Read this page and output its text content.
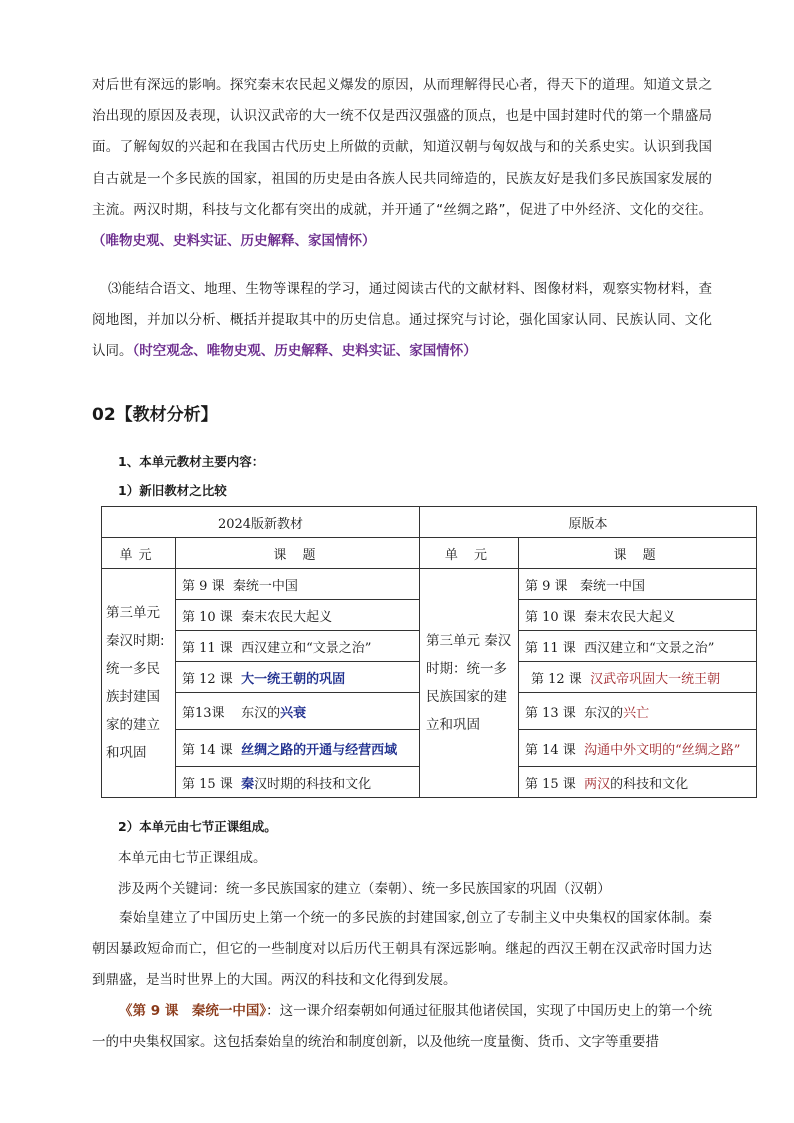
对后世有深远的影响。探究秦末农民起义爆发的原因，从而理解得民心者，得天下的道理。知道文景之治出现的原因及表现，认识汉武帝的大一统不仅是西汉强盛的顶点，也是中国封建时代的第一个鼎盛局面。了解匈奴的兴起和在我国古代历史上所做的贡献，知道汉朝与匈奴战与和的关系史实。认识到我国自古就是一个多民族的国家，祖国的历史是由各族人民共同缔造的，民族友好是我们多民族国家发展的主流。两汉时期，科技与文化都有突出的成就，并开通了“丝绸之路”，促进了中外经济、文化的交往。（唯物史观、史料实证、历史解释、家国情怀）

⑶能结合语文、地理、生物等课程的学习，通过阅读古代的文献材料、图像材料，观察实物材料，查阅地图，并加以分析、概括并提取其中的历史信息。通过探究与讨论，强化国家认同、民族认同、文化认同。（时空观念、唯物史观、历史解释、史料实证、家国情怀）

02【教材分析】

1、本单元教材主要内容：

1）新旧教材之比较

2024版新教材		原版本	
单元	课 题	单 元	课 题
第三单元秦汉时期:统一多民族封建国家的建立和巩固	第 9 课 秦统一中国	第三单元 秦汉时期：统一多民族国家的建立和巩固	第 9 课 秦统一中国
	第 10 课 秦末农民大起义		第 10 课 秦末农民大起义
	第 11 课 西汉建立和“文景之治”		第 11 课 西汉建立和“文景之治”
	第 12 课 大一统王朝的巩固		第 12 课 汉武帝巩固大一统王朝
	第13课 东汉的兴衰		第 13 课 东汉的兴亡
	第 14 课 丝绸之路的开通与经营西域		第 14 课 沟通中外文明的“丝绸之路”
	第 15 课 秦汉时期的科技和文化		第 15 课 两汉的科技和文化

2）本单元由七节正课组成。

本单元由七节正课组成。

涉及两个关键词：统一多民族国家的建立（秦朝）、统一多民族国家的巩固（汉朝）

秦始皇建立了中国历史上第一个统一的多民族的封建国家,创立了专制主义中央集权的国家体制。秦朝因暴政短命而亡，但它的一些制度对以后历代王朝具有深远影响。继起的西汉王朝在汉武帝时国力达到鼎盛，是当时世界上的大国。两汉的科技和文化得到发展。

《第 9 课　秦统一中国》：这一课介绍秦朝如何通过征服其他诸侯国，实现了中国历史上的第一个统一的中央集权国家。这包括秦始皇的统治和制度创新，以及他统一度量衡、货币、文字等重要措
